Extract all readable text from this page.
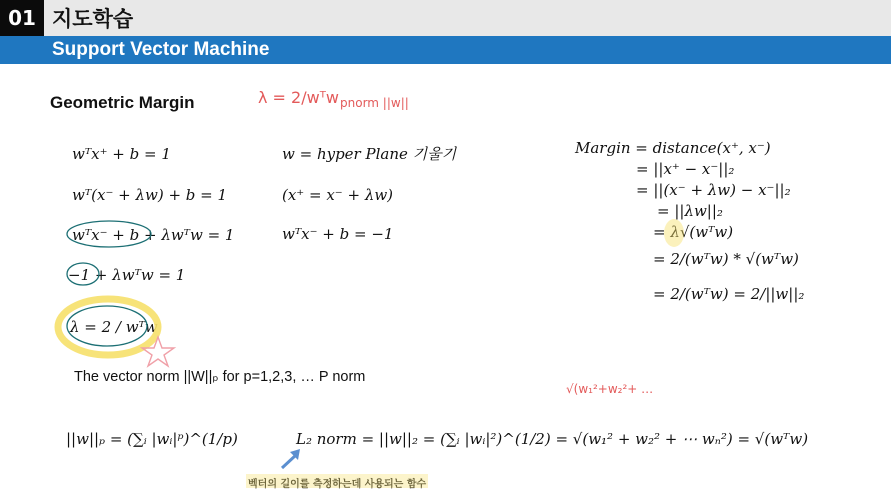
01 지도학습
Support Vector Machine
Geometric Margin	λ = 2/wᵀw pnorm ||w||
√(w₁²+w₂²+ …
wᵀx⁺ + b = 1
wᵀ(x⁻ + λw) + b = 1
wᵀx⁻ + b + λwᵀw = 1
−1 + λwᵀw = 1
λ = 2 / wᵀw
w = hyper Plane 기울기
(x⁺ = x⁻ + λw)
wᵀx⁻ + b = −1
Margin = distance(x⁺, x⁻)
= ||x⁺ − x⁻||₂
= ||(x⁻ + λw) − x⁻||₂
= ||λw||₂
= λ√(wᵀw)
= 2/(wᵀw) * √(wᵀw)
= 2/(wᵀw) = 2/||w||₂
The vector norm ||W||ₚ for p=1,2,3, … P norm
||w||ₚ = (∑ᵢ |wᵢ|ᵖ)^(1/p)	L₂ norm = ||w||₂ = (∑ᵢ |wᵢ|²)^(1/2) = √(w₁² + w₂² + ⋯ wₙ²) = √(wᵀw)
벡터의 길이를 측정하는데 사용되는 함수
